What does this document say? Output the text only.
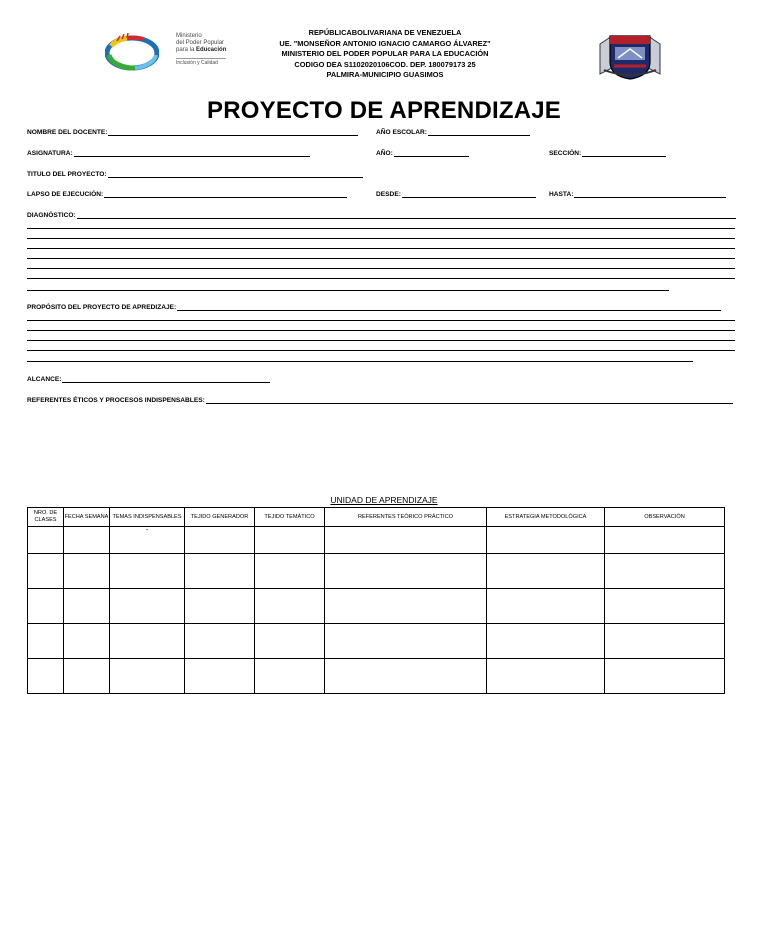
Ministerio
del Poder Popular
para la Educación
Inclusión y Calidad
REPÚBLICABOLIVARIANA DE VENEZUELA
UE. "MONSEÑOR ANTONIO IGNACIO CAMARGO ÁLVAREZ"
MINISTERIO DEL PODER POPULAR PARA LA EDUCACIÓN
CODIGO DEA S1102020106COD. DEP. 180079173 25
PALMIRA-MUNICIPIO GUASIMOS
PROYECTO DE APRENDIZAJE
NOMBRE DEL DOCENTE:	AÑO ESCOLAR:
ASIGNATURA:	AÑO:	SECCIÓN:
TITULO DEL PROYECTO:
LAPSO DE EJECUCIÓN:	DESDE:	HASTA:
DIAGNÓSTICO:
PROPÓSITO DEL PROYECTO DE APREDIZAJE:
ALCANCE:
REFERENTES ÉTICOS Y PROCESOS INDISPENSABLES:
UNIDAD DE APRENDIZAJE
NRO. DE CLASES	FECHA SEMANA	TEMAS INDISPENSABLES	TEJIDO GENERADOR	TEJIDO TEMÁTICO	REFERENTES TEÓRICO PRÁCTICO	ESTRATEGIA METODOLÓGICA	OBSERVACIÓN
		-					
